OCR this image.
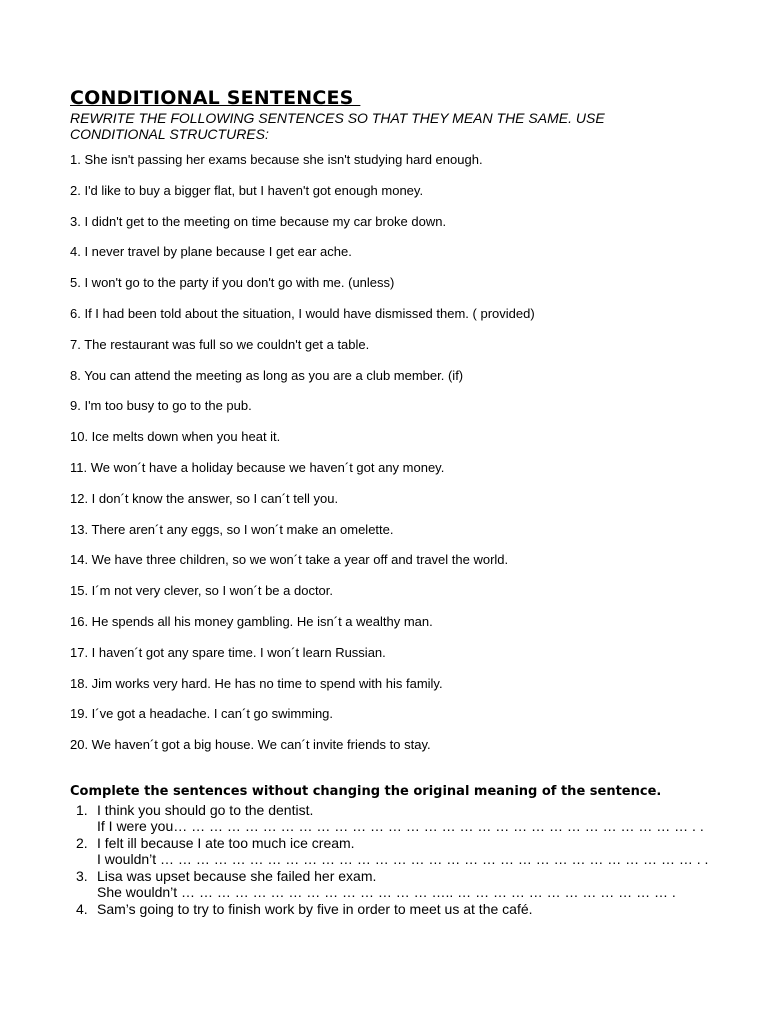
CONDITIONAL SENTENCES

REWRITE THE FOLLOWING SENTENCES SO THAT THEY MEAN THE SAME. USE CONDITIONAL STRUCTURES:

1. She isn't passing her exams because she isn't studying hard enough.
2. I'd like to buy a bigger flat, but I haven't got enough money.
3. I didn't get to the meeting on time because my car broke down.
4. I never travel by plane because I get ear ache.
5. I won't go to the party if you don't go with me. (unless)
6. If I had been told about the situation, I would have dismissed them. ( provided)
7. The restaurant was full so we couldn't get a table.
8. You can attend the meeting as long as you are a club member. (if)
9. I'm too busy to go to the pub.
10. Ice melts down when you heat it.
11. We won´t have a holiday because we haven´t got any money.
12. I don´t know the answer, so I can´t tell you.
13. There aren´t any eggs, so I won´t make an omelette.
14. We have three children, so we won´t take a year off and travel the world.
15. I´m not very clever, so I won´t be a doctor.
16. He spends all his money gambling. He isn´t a wealthy man.
17. I haven´t got any spare time. I won´t learn Russian.
18. Jim works very hard. He has no time to spend with his family.
19. I´ve got a headache. I can´t go swimming.
20. We haven´t got a big house. We can´t invite friends to stay.

Complete the sentences without changing the original meaning of the sentence.

1. I think you should go to the dentist.
If I were you… … … … … … … … … … … … … … … … … … … … … … … … … … … … … . .
2. I felt ill because I ate too much ice cream.
I wouldn’t … … … … … … … … … … … … … … … … … … … … … … … … … … … … … … . .
3. Lisa was upset because she failed her exam.
She wouldn’t … … … … … … … … … … … … … … ….. … … … … … … … … … … … … .
4. Sam’s going to try to finish work by five in order to meet us at the café.
